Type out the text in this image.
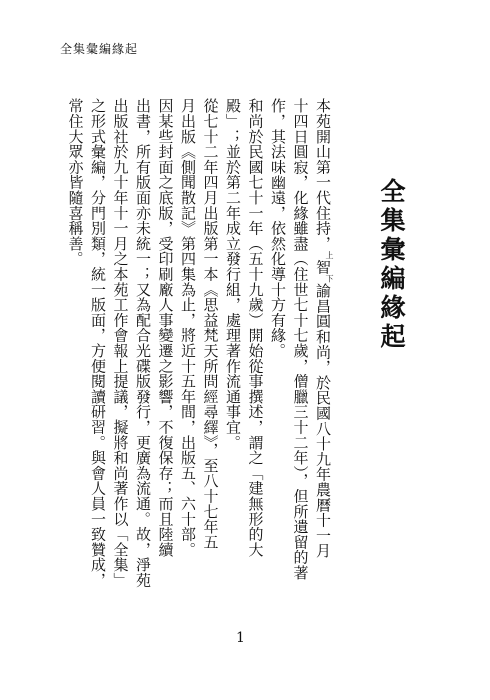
全集彙編緣起
全集彙編緣起
本苑開山第一代住持，$^上$智$^下$諭昌圓和尚，於民國八十九年農曆十一月
十四日圓寂，化緣雖盡（住世七十七歲，僧臘三十二年），但所遺留的著
作，其法味幽遠，依然化導十方有緣。
和尚於民國七十一年（五十九歲）開始從事撰述，謂之「建無形的大
殿」；並於第二年成立發行組，處理著作流通事宜。
從七十二年四月出版第一本《思益梵天所問經尋繹》，至八十七年五
月出版《側聞散記》第四集為止，將近十五年間，出版五、六十部。
因某些封面之底版，受印刷廠人事變遷之影響，不復保存；而且陸續
出書，所有版面亦未統一；又為配合光碟版發行，更廣為流通。故，淨苑
出版社於九十年十一月之本苑工作會報上提議，擬將和尚著作以「全集」
之形式彙編，分門別類，統一版面，方便閱讀研習。與會人員一致贊成，
常住大眾亦皆隨喜稱善。
1
